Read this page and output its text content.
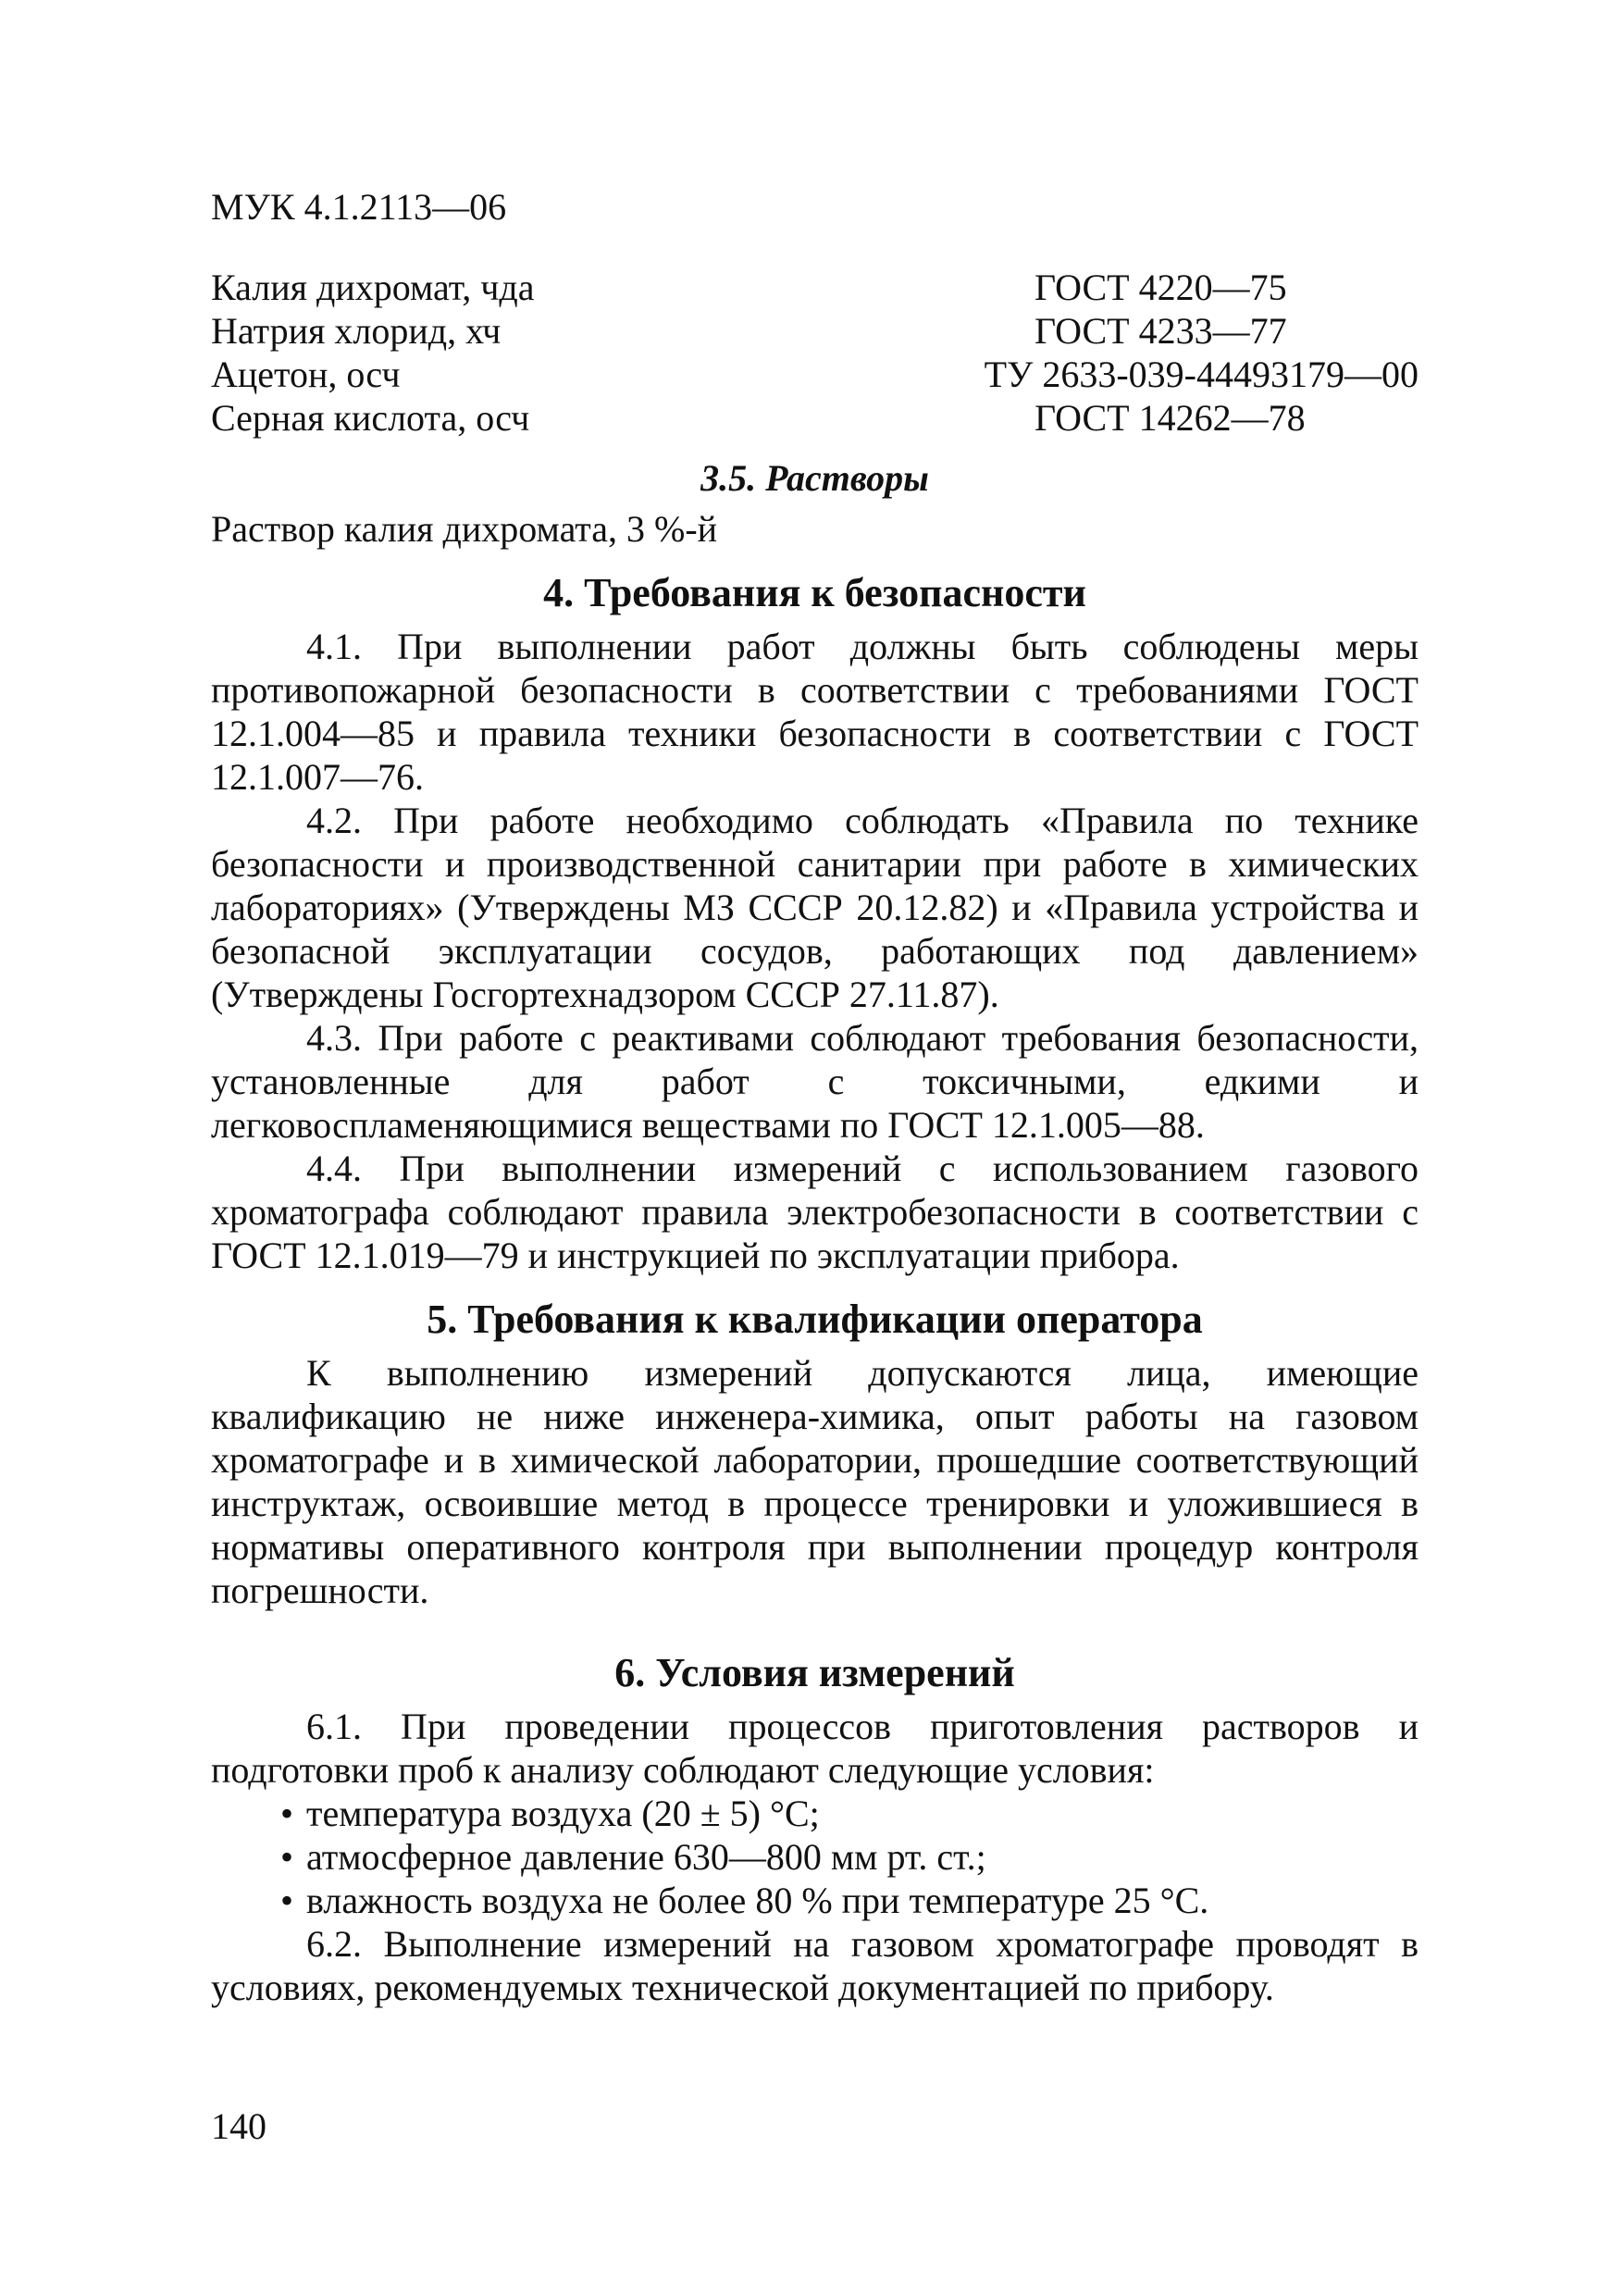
МУК 4.1.2113—06

Калия дихромат, чда	ГОСТ 4220—75
Натрия хлорид, хч	ГОСТ 4233—77
Ацетон, осч	ТУ 2633-039-44493179—00
Серная кислота, осч	ГОСТ 14262—78

3.5. Растворы

Раствор калия дихромата, 3 %-й

4. Требования к безопасности

4.1. При выполнении работ должны быть соблюдены меры противопожарной безопасности в соответствии с требованиями ГОСТ 12.1.004—85 и правила техники безопасности в соответствии с ГОСТ 12.1.007—76.

4.2. При работе необходимо соблюдать «Правила по технике безопасности и производственной санитарии при работе в химических лабораториях» (Утверждены МЗ СССР 20.12.82) и «Правила устройства и безопасной эксплуатации сосудов, работающих под давлением» (Утверждены Госгортехнадзором СССР 27.11.87).

4.3. При работе с реактивами соблюдают требования безопасности, установленные для работ с токсичными, едкими и легковоспламеняющимися веществами по ГОСТ 12.1.005—88.

4.4. При выполнении измерений с использованием газового хроматографа соблюдают правила электробезопасности в соответствии с ГОСТ 12.1.019—79 и инструкцией по эксплуатации прибора.

5. Требования к квалификации оператора

К выполнению измерений допускаются лица, имеющие квалификацию не ниже инженера-химика, опыт работы на газовом хроматографе и в химической лаборатории, прошедшие соответствующий инструктаж, освоившие метод в процессе тренировки и уложившиеся в нормативы оперативного контроля при выполнении процедур контроля погрешности.

6. Условия измерений

6.1. При проведении процессов приготовления растворов и подготовки проб к анализу соблюдают следующие условия:

• температура воздуха (20 ± 5) °C;

• атмосферное давление 630—800 мм рт. ст.;

• влажность воздуха не более 80 % при температуре 25 °C.

6.2. Выполнение измерений на газовом хроматографе проводят в условиях, рекомендуемых технической документацией по прибору.

140
